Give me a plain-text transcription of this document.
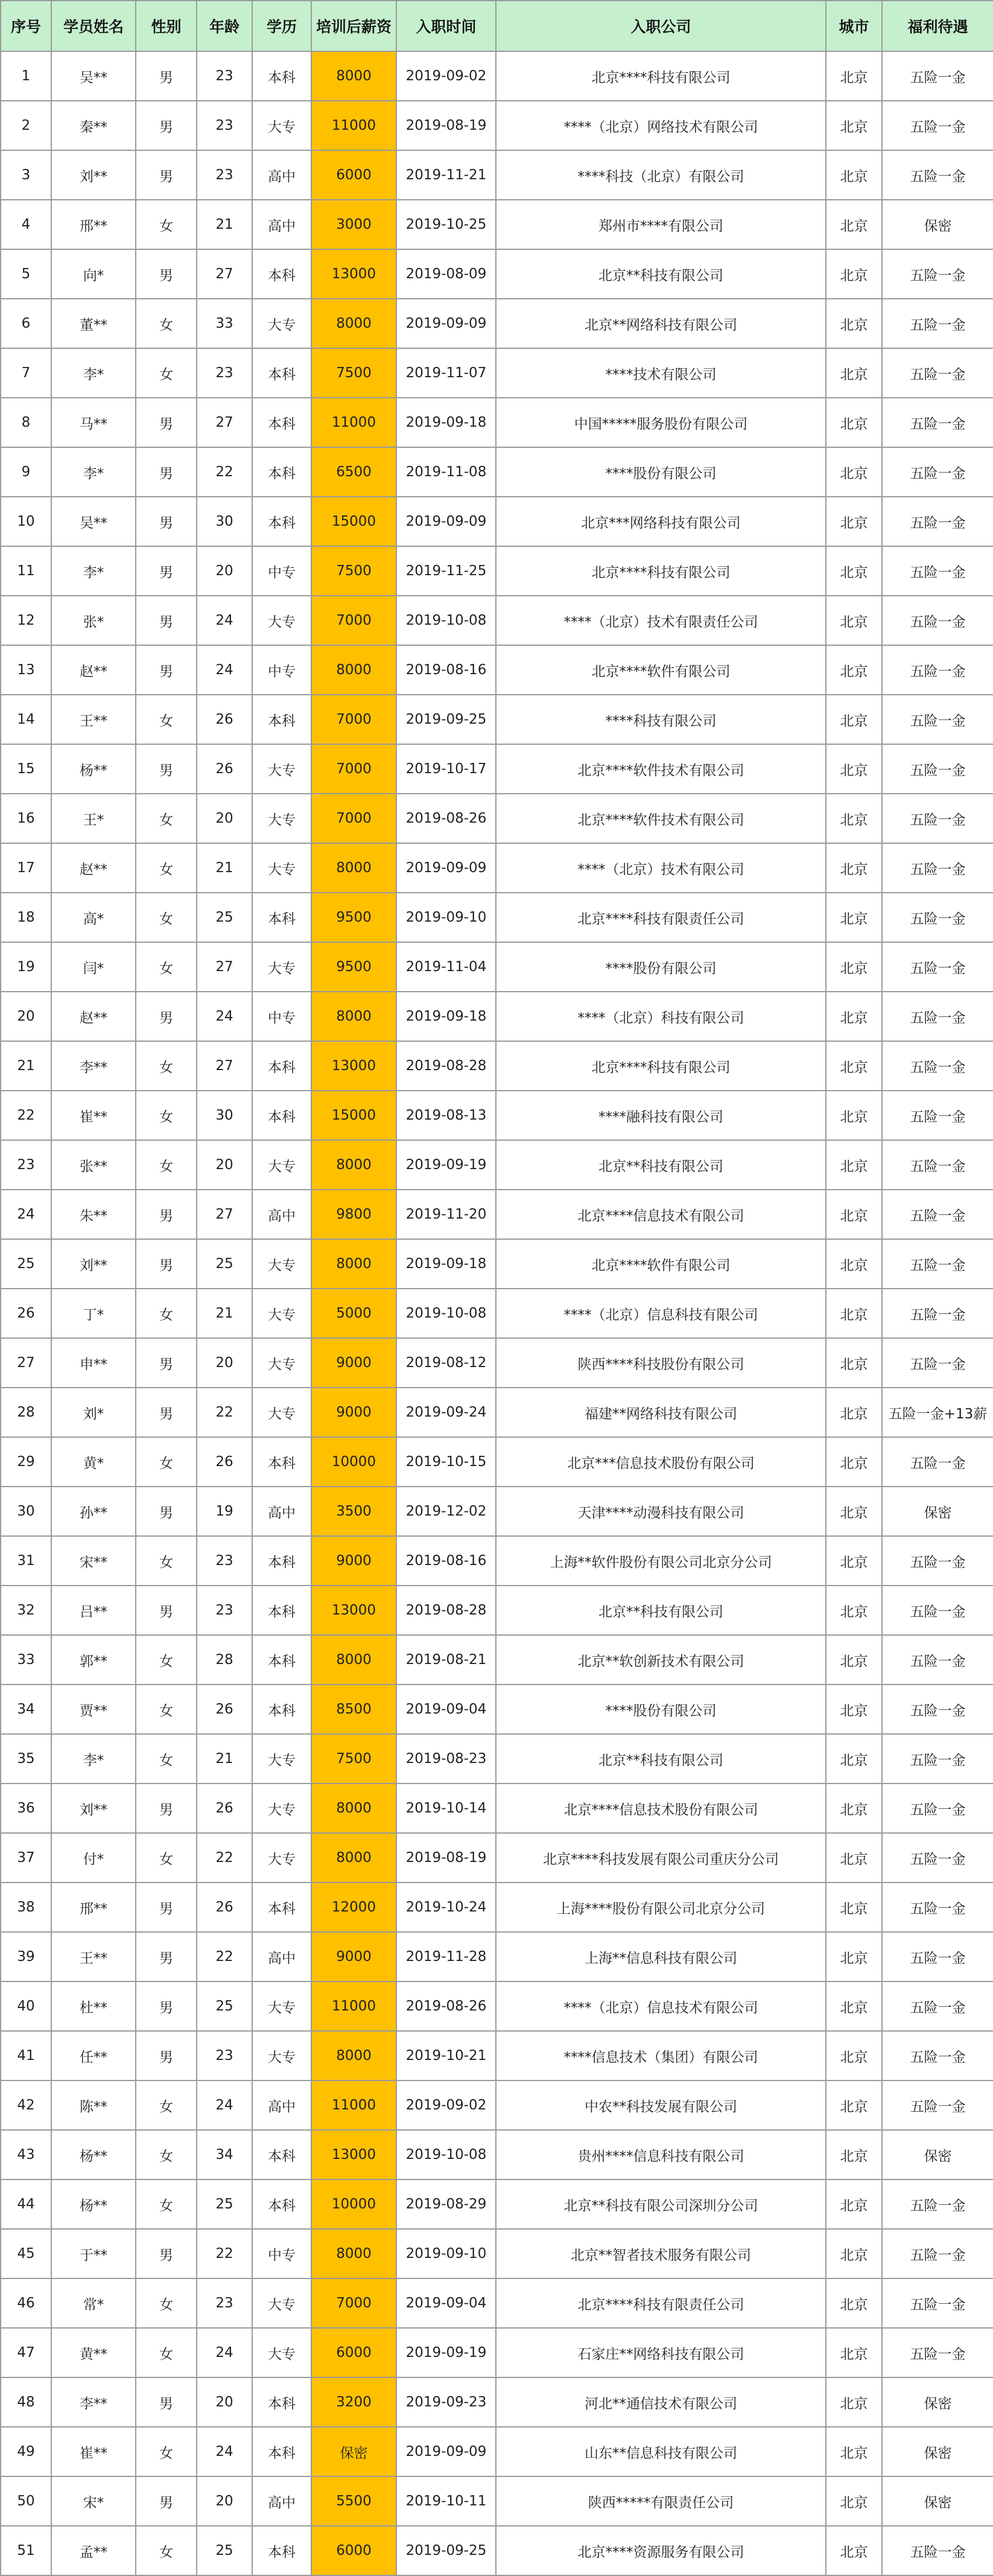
序号	学员姓名	性别	年龄	学历	培训后薪资	入职时间	入职公司	城市	福利待遇
1	吴**	男	23	本科	8000	2019-09-02	北京****科技有限公司	北京	五险一金
2	秦**	男	23	大专	11000	2019-08-19	****（北京）网络技术有限公司	北京	五险一金
3	刘**	男	23	高中	6000	2019-11-21	****科技（北京）有限公司	北京	五险一金
4	邢**	女	21	高中	3000	2019-10-25	郑州市****有限公司	北京	保密
5	向*	男	27	本科	13000	2019-08-09	北京**科技有限公司	北京	五险一金
6	董**	女	33	大专	8000	2019-09-09	北京**网络科技有限公司	北京	五险一金
7	李*	女	23	本科	7500	2019-11-07	****技术有限公司	北京	五险一金
8	马**	男	27	本科	11000	2019-09-18	中国*****服务股份有限公司	北京	五险一金
9	李*	男	22	本科	6500	2019-11-08	****股份有限公司	北京	五险一金
10	吴**	男	30	本科	15000	2019-09-09	北京***网络科技有限公司	北京	五险一金
11	李*	男	20	中专	7500	2019-11-25	北京****科技有限公司	北京	五险一金
12	张*	男	24	大专	7000	2019-10-08	****（北京）技术有限责任公司	北京	五险一金
13	赵**	男	24	中专	8000	2019-08-16	北京****软件有限公司	北京	五险一金
14	王**	女	26	本科	7000	2019-09-25	****科技有限公司	北京	五险一金
15	杨**	男	26	大专	7000	2019-10-17	北京****软件技术有限公司	北京	五险一金
16	王*	女	20	大专	7000	2019-08-26	北京****软件技术有限公司	北京	五险一金
17	赵**	女	21	大专	8000	2019-09-09	****（北京）技术有限公司	北京	五险一金
18	高*	女	25	本科	9500	2019-09-10	北京****科技有限责任公司	北京	五险一金
19	闫*	女	27	大专	9500	2019-11-04	****股份有限公司	北京	五险一金
20	赵**	男	24	中专	8000	2019-09-18	****（北京）科技有限公司	北京	五险一金
21	李**	女	27	本科	13000	2019-08-28	北京****科技有限公司	北京	五险一金
22	崔**	女	30	本科	15000	2019-08-13	****融科技有限公司	北京	五险一金
23	张**	女	20	大专	8000	2019-09-19	北京**科技有限公司	北京	五险一金
24	朱**	男	27	高中	9800	2019-11-20	北京****信息技术有限公司	北京	五险一金
25	刘**	男	25	大专	8000	2019-09-18	北京****软件有限公司	北京	五险一金
26	丁*	女	21	大专	5000	2019-10-08	****（北京）信息科技有限公司	北京	五险一金
27	申**	男	20	大专	9000	2019-08-12	陕西****科技股份有限公司	北京	五险一金
28	刘*	男	22	大专	9000	2019-09-24	福建**网络科技有限公司	北京	五险一金+13薪
29	黄*	女	26	本科	10000	2019-10-15	北京***信息技术股份有限公司	北京	五险一金
30	孙**	男	19	高中	3500	2019-12-02	天津****动漫科技有限公司	北京	保密
31	宋**	女	23	本科	9000	2019-08-16	上海**软件股份有限公司北京分公司	北京	五险一金
32	吕**	男	23	本科	13000	2019-08-28	北京**科技有限公司	北京	五险一金
33	郭**	女	28	本科	8000	2019-08-21	北京**软创新技术有限公司	北京	五险一金
34	贾**	女	26	本科	8500	2019-09-04	****股份有限公司	北京	五险一金
35	李*	女	21	大专	7500	2019-08-23	北京**科技有限公司	北京	五险一金
36	刘**	男	26	大专	8000	2019-10-14	北京****信息技术股份有限公司	北京	五险一金
37	付*	女	22	大专	8000	2019-08-19	北京****科技发展有限公司重庆分公司	北京	五险一金
38	邢**	男	26	本科	12000	2019-10-24	上海****股份有限公司北京分公司	北京	五险一金
39	王**	男	22	高中	9000	2019-11-28	上海**信息科技有限公司	北京	五险一金
40	杜**	男	25	大专	11000	2019-08-26	****（北京）信息技术有限公司	北京	五险一金
41	任**	男	23	大专	8000	2019-10-21	****信息技术（集团）有限公司	北京	五险一金
42	陈**	女	24	高中	11000	2019-09-02	中农**科技发展有限公司	北京	五险一金
43	杨**	女	34	本科	13000	2019-10-08	贵州****信息科技有限公司	北京	保密
44	杨**	女	25	本科	10000	2019-08-29	北京**科技有限公司深圳分公司	北京	五险一金
45	于**	男	22	中专	8000	2019-09-10	北京**智者技术服务有限公司	北京	五险一金
46	常*	女	23	大专	7000	2019-09-04	北京****科技有限责任公司	北京	五险一金
47	黄**	女	24	大专	6000	2019-09-19	石家庄**网络科技有限公司	北京	五险一金
48	李**	男	20	本科	3200	2019-09-23	河北**通信技术有限公司	北京	保密
49	崔**	女	24	本科	保密	2019-09-09	山东**信息科技有限公司	北京	保密
50	宋*	男	20	高中	5500	2019-10-11	陕西*****有限责任公司	北京	保密
51	孟**	女	25	本科	6000	2019-09-25	北京****资源服务有限公司	北京	五险一金
